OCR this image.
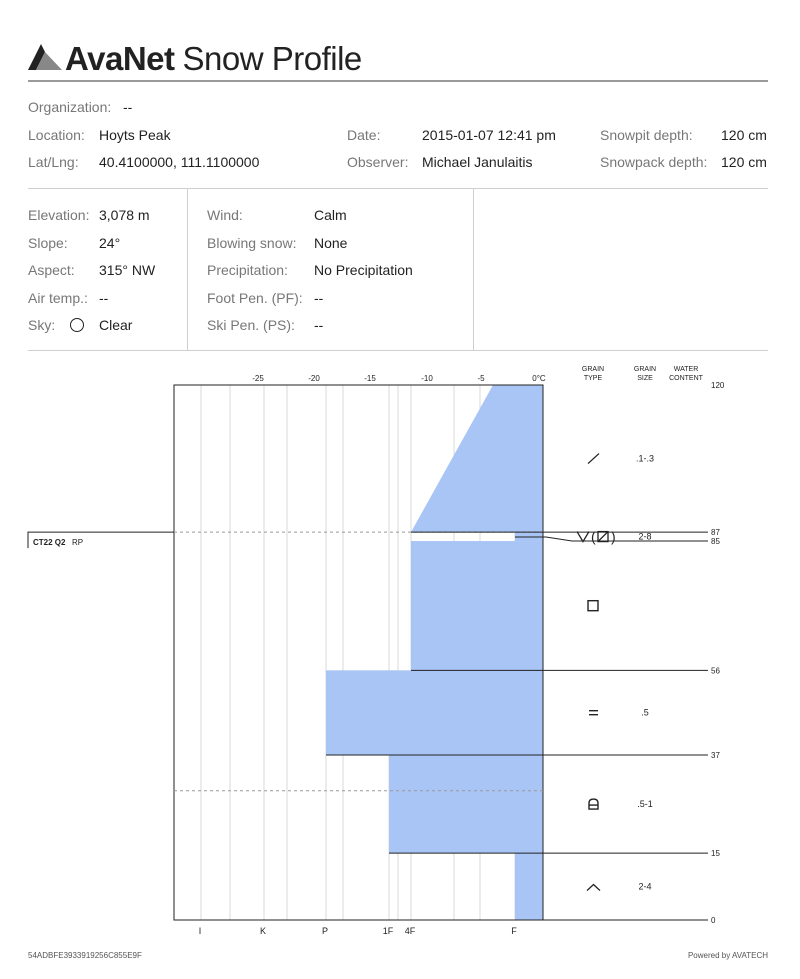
AvaNet Snow Profile
Organization: --
Location: Hoyts Peak	Date:	2015-01-07 12:41 pm	Snowpit depth: 120 cm
Lat/Lng: 40.4100000, 111.1100000	Observer: Michael Janulaitis	Snowpack depth: 120 cm
Elevation: 3,078 m
Slope: 24°
Aspect: 315° NW
Air temp.: --
Sky:	Clear
Wind:	Calm
Blowing snow: None
Precipitation: No Precipitation
Foot Pen. (PF): --
Ski Pen. (PS): --
120
87
85
56
37
15
0
-25	-20	-15	-10	-5	0°C
I	K	P	1F 4F	F
GRAIN
TYPE
GRAIN
SIZE
WATER
CONTENT
.1-.3
2-8
.5
.5-1
2-4
( )
CT22 Q2 RP
54ADBFE3933919256C855E9F	Powered by AVATECH
